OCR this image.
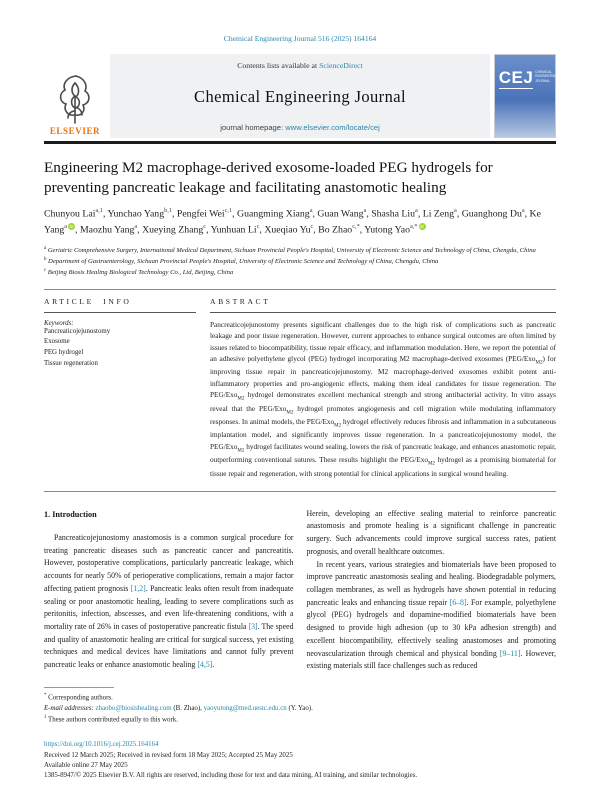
Chemical Engineering Journal 516 (2025) 164164
ELSEVIER
Contents lists available at ScienceDirect
Chemical Engineering Journal
journal homepage: www.elsevier.com/locate/cej
CEJ CHEMICAL ENGINEERING JOURNAL
Engineering M2 macrophage-derived exosome-loaded PEG hydrogels for preventing pancreatic leakage and facilitating anastomotic healing

Chunyou Lai$^{a,1}$, Yunchao Yang$^{b,1}$, Pengfei Wei$^{c,1}$, Guangming Xiang$^a$, Guan Wang$^a$, Shasha Liu$^a$, Li Zeng$^a$, Guanghong Du$^a$, Ke Yang$^a$ iD , Maozhu Yang$^a$, Xueying Zhang$^c$, Yunhuan Li$^c$, Xueqiao Yu$^c$, Bo Zhao$^{c,*}$, Yutong Yao$^{a,*}$ iD

$^a$ Geriatric Comprehensive Surgery, International Medical Department, Sichuan Provincial People's Hospital, University of Electronic Science and Technology of China, Chengdu, China

$^b$ Department of Gastroenterology, Sichuan Provincial People's Hospital, University of Electronic Science and Technology of China, Chengdu, China

$^c$ Beijing Biosis Healing Biological Technology Co., Ltd, Beijing, China

ARTICLE INFO

Keywords:

Pancreaticojejunostomy

Exosome

PEG hydrogel

Tissue regeneration

ABSTRACT

Pancreaticojejunostomy presents significant challenges due to the high risk of complications such as pancreatic leakage and poor tissue regeneration. However, current approaches to enhance surgical outcomes are often limited by issues related to biocompatibility, tissue repair efficacy, and inflammation modulation. Here, we report the potential of an adhesive polyethylene glycol (PEG) hydrogel incorporating M2 macrophage-derived exosomes (PEG/Exo$_{M2}$) for improving tissue repair in pancreaticojejunostomy. M2 macrophage-derived exosomes exhibit potent anti-inflammatory properties and pro-angiogenic effects, making them ideal candidates for tissue regeneration. The PEG/Exo$_{M2}$ hydrogel demonstrates excellent mechanical strength and strong antibacterial activity. In vitro assays reveal that the PEG/Exo$_{M2}$ hydrogel promotes angiogenesis and cell migration while modulating inflammatory responses. In animal models, the PEG/Exo$_{M2}$ hydrogel effectively reduces fibrosis and inflammation in a subcutaneous implantation model, and significantly improves tissue regeneration. In a pancreaticojejunostomy model, the PEG/Exo$_{M2}$ hydrogel facilitates wound sealing, lowers the risk of pancreatic leakage, and enhances anastomotic repair, outperforming conventional sutures. These results highlight the PEG/Exo$_{M2}$ hydrogel as a promising biomaterial for tissue repair and regeneration, with strong potential for clinical applications in surgical wound healing.

1. Introduction

Pancreaticojejunostomy anastomosis is a common surgical procedure for treating pancreatic diseases such as pancreatic cancer and pancreatitis. However, postoperative complications, particularly pancreatic leakage, which accounts for nearly 50% of perioperative complications, remain a major factor affecting patient prognosis [1,2]. Pancreatic leaks often result from inadequate sealing or poor anastomotic healing, leading to severe complications such as peritonitis, infection, abscesses, and even life-threatening conditions, with a mortality rate of 26% in cases of postoperative pancreatic fistula [3]. The speed and quality of anastomotic healing are critical for surgical success, yet existing techniques and medical devices have limitations and cannot fully prevent pancreatic leaks or enhance anastomotic healing [4,5].

Herein, developing an effective sealing material to reinforce pancreatic anastomosis and promote healing is a significant challenge in pancreatic surgery. Such advancements could improve surgical success rates, patient prognosis, and overall healthcare outcomes.

In recent years, various strategies and biomaterials have been proposed to improve pancreatic anastomosis sealing and healing. Biodegradable polymers, collagen membranes, as well as hydrogels have shown potential in reducing pancreatic leaks and enhancing tissue repair [6–8]. For example, polyethylene glycol (PEG) hydrogels and dopamine-modified biomaterials have been designed to provide high adhesion (up to 30 kPa adhesion strength) and excellent biocompatibility, effectively sealing anastomoses and promoting neovascularization through chemical and physical bonding [9–11]. However, existing materials still face challenges such as reduced

* Corresponding authors.

E-mail addresses: zhaobo@biosishealing.com (B. Zhao), yaoyutong@med.uestc.edu.cn (Y. Yao).

$^1$ These authors contributed equally to this work.

https://doi.org/10.1016/j.cej.2025.164164

Received 12 March 2025; Received in revised form 18 May 2025; Accepted 25 May 2025

Available online 27 May 2025

1385-8947/© 2025 Elsevier B.V. All rights are reserved, including those for text and data mining, AI training, and similar technologies.
